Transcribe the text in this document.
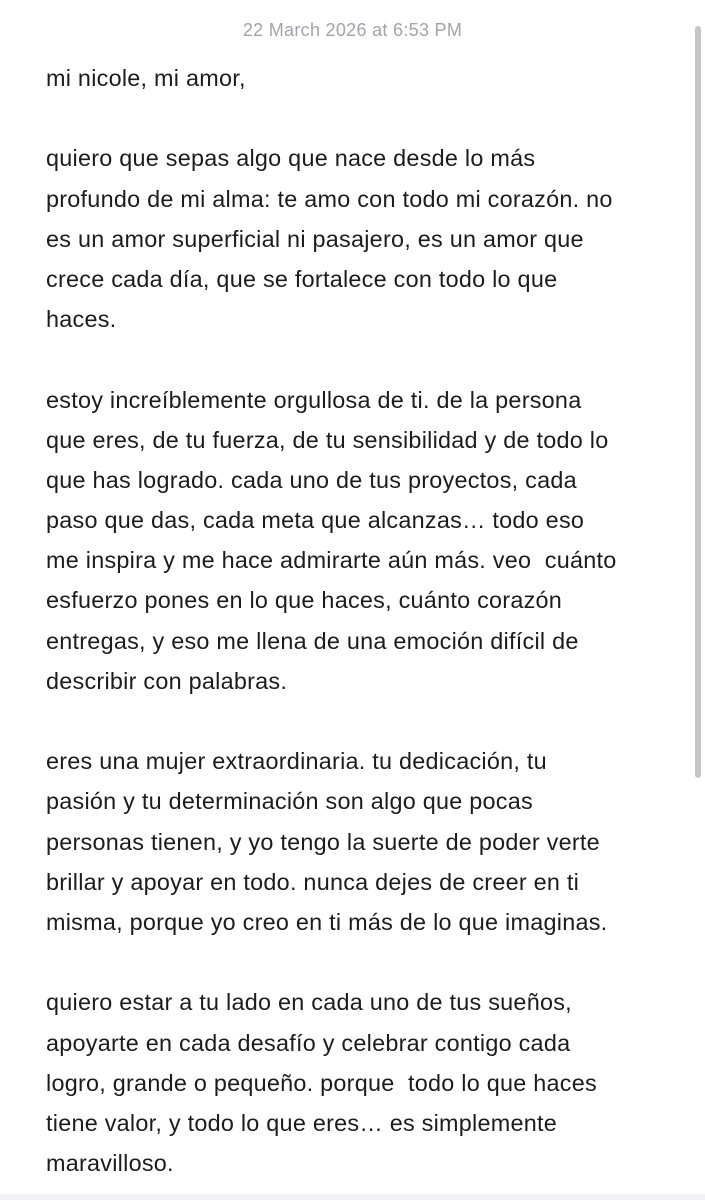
22 March 2026 at 6:53 PM
mi nicole, mi amor,
quiero que sepas algo que nace desde lo más
profundo de mi alma: te amo con todo mi corazón. no
es un amor superficial ni pasajero, es un amor que
crece cada día, que se fortalece con todo lo que
haces.
estoy increíblemente orgullosa de ti. de la persona
que eres, de tu fuerza, de tu sensibilidad y de todo lo
que has logrado. cada uno de tus proyectos, cada
paso que das, cada meta que alcanzas… todo eso
me inspira y me hace admirarte aún más. veo  cuánto
esfuerzo pones en lo que haces, cuánto corazón
entregas, y eso me llena de una emoción difícil de
describir con palabras.
eres una mujer extraordinaria. tu dedicación, tu
pasión y tu determinación son algo que pocas
personas tienen, y yo tengo la suerte de poder verte
brillar y apoyar en todo. nunca dejes de creer en ti
misma, porque yo creo en ti más de lo que imaginas.
quiero estar a tu lado en cada uno de tus sueños,
apoyarte en cada desafío y celebrar contigo cada
logro, grande o pequeño. porque  todo lo que haces
tiene valor, y todo lo que eres… es simplemente
maravilloso.
